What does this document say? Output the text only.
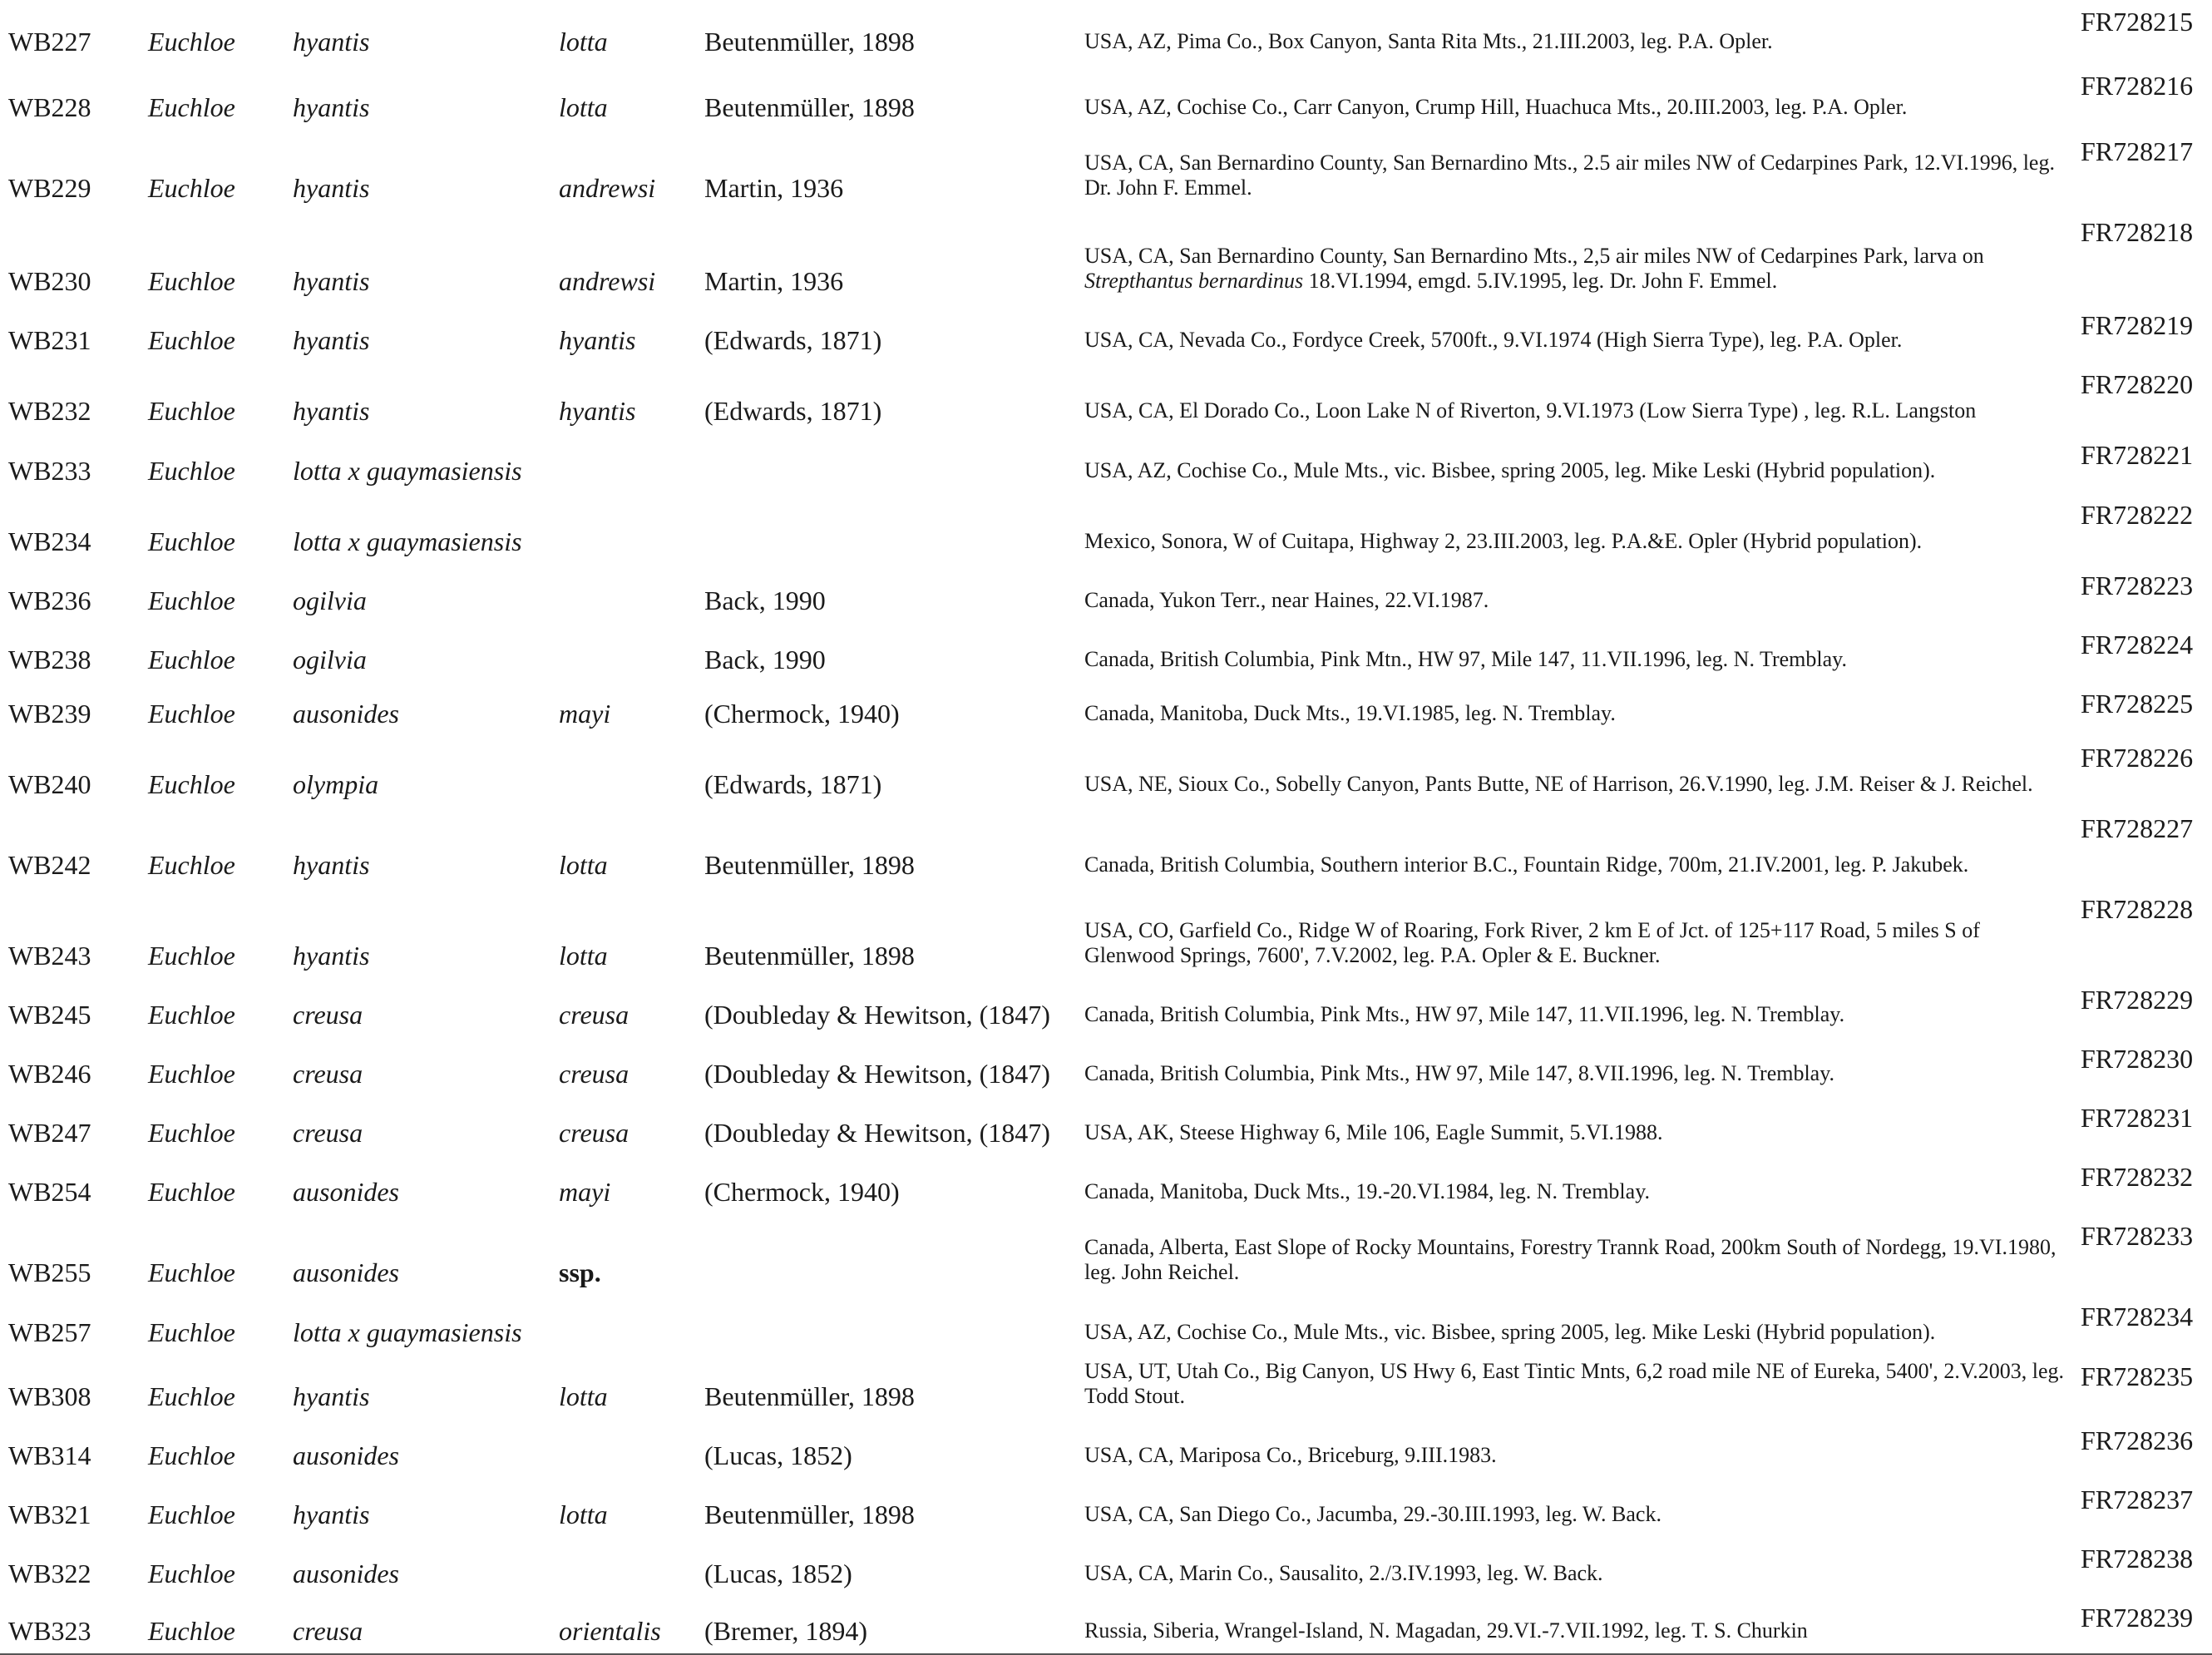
WB227	Euchloe	hyantis	lotta	Beutenmüller, 1898	USA, AZ, Pima Co., Box Canyon, Santa Rita Mts., 21.III.2003, leg. P.A. Opler.	FR728215
WB228	Euchloe	hyantis	lotta	Beutenmüller, 1898	USA, AZ, Cochise Co., Carr Canyon, Crump Hill, Huachuca Mts., 20.III.2003, leg. P.A. Opler.	FR728216
WB229	Euchloe	hyantis	andrewsi	Martin, 1936	USA, CA, San Bernardino County, San Bernardino Mts., 2.5 air miles NW of Cedarpines Park, 12.VI.1996, leg. Dr. John F. Emmel.	FR728217
WB230	Euchloe	hyantis	andrewsi	Martin, 1936	USA, CA, San Bernardino County, San Bernardino Mts., 2,5 air miles NW of Cedarpines Park, larva on Strepthantus bernardinus 18.VI.1994, emgd. 5.IV.1995, leg. Dr. John F. Emmel.	FR728218
WB231	Euchloe	hyantis	hyantis	(Edwards, 1871)	USA, CA, Nevada Co., Fordyce Creek, 5700ft., 9.VI.1974 (High Sierra Type), leg. P.A. Opler.	FR728219
WB232	Euchloe	hyantis	hyantis	(Edwards, 1871)	USA, CA, El Dorado Co., Loon Lake N of Riverton, 9.VI.1973 (Low Sierra Type) , leg. R.L. Langston	FR728220
WB233	Euchloe	lotta x guaymasiensis			USA, AZ, Cochise Co., Mule Mts., vic. Bisbee, spring 2005, leg. Mike Leski (Hybrid population).	FR728221
WB234	Euchloe	lotta x guaymasiensis			Mexico, Sonora, W of Cuitapa, Highway 2, 23.III.2003, leg. P.A.&E. Opler (Hybrid population).	FR728222
WB236	Euchloe	ogilvia		Back, 1990	Canada, Yukon Terr., near Haines, 22.VI.1987.	FR728223
WB238	Euchloe	ogilvia		Back, 1990	Canada, British Columbia, Pink Mtn., HW 97, Mile 147, 11.VII.1996, leg. N. Tremblay.	FR728224
WB239	Euchloe	ausonides	mayi	(Chermock, 1940)	Canada, Manitoba, Duck Mts., 19.VI.1985, leg. N. Tremblay.	FR728225
WB240	Euchloe	olympia		(Edwards, 1871)	USA, NE, Sioux Co., Sobelly Canyon, Pants Butte, NE of Harrison, 26.V.1990, leg. J.M. Reiser & J. Reichel.	FR728226
WB242	Euchloe	hyantis	lotta	Beutenmüller, 1898	Canada, British Columbia, Southern interior B.C., Fountain Ridge, 700m, 21.IV.2001, leg. P. Jakubek.	FR728227
WB243	Euchloe	hyantis	lotta	Beutenmüller, 1898	USA, CO, Garfield Co., Ridge W of Roaring, Fork River, 2 km E of Jct. of 125+117 Road, 5 miles S of Glenwood Springs, 7600', 7.V.2002, leg. P.A. Opler & E. Buckner.	FR728228
WB245	Euchloe	creusa	creusa	(Doubleday & Hewitson, (1847)	Canada, British Columbia, Pink Mts., HW 97, Mile 147, 11.VII.1996, leg. N. Tremblay.	FR728229
WB246	Euchloe	creusa	creusa	(Doubleday & Hewitson, (1847)	Canada, British Columbia, Pink Mts., HW 97, Mile 147, 8.VII.1996, leg. N. Tremblay.	FR728230
WB247	Euchloe	creusa	creusa	(Doubleday & Hewitson, (1847)	USA, AK, Steese Highway 6, Mile 106, Eagle Summit, 5.VI.1988.	FR728231
WB254	Euchloe	ausonides	mayi	(Chermock, 1940)	Canada, Manitoba, Duck Mts., 19.-20.VI.1984, leg. N. Tremblay.	FR728232
WB255	Euchloe	ausonides	ssp.		Canada, Alberta, East Slope of Rocky Mountains, Forestry Trannk Road, 200km South of Nordegg, 19.VI.1980, leg. John Reichel.	FR728233
WB257	Euchloe	lotta x guaymasiensis			USA, AZ, Cochise Co., Mule Mts., vic. Bisbee, spring 2005, leg. Mike Leski (Hybrid population).	FR728234
WB308	Euchloe	hyantis	lotta	Beutenmüller, 1898	USA, UT, Utah Co., Big Canyon, US Hwy 6, East Tintic Mnts, 6,2 road mile NE of Eureka, 5400', 2.V.2003, leg. Todd Stout.	FR728235
WB314	Euchloe	ausonides		(Lucas, 1852)	USA, CA, Mariposa Co., Briceburg, 9.III.1983.	FR728236
WB321	Euchloe	hyantis	lotta	Beutenmüller, 1898	USA, CA, San Diego Co., Jacumba, 29.-30.III.1993, leg. W. Back.	FR728237
WB322	Euchloe	ausonides		(Lucas, 1852)	USA, CA, Marin Co., Sausalito, 2./3.IV.1993, leg. W. Back.	FR728238
WB323	Euchloe	creusa	orientalis	(Bremer, 1894)	Russia, Siberia, Wrangel-Island, N. Magadan, 29.VI.-7.VII.1992, leg. T. S. Churkin	FR728239
